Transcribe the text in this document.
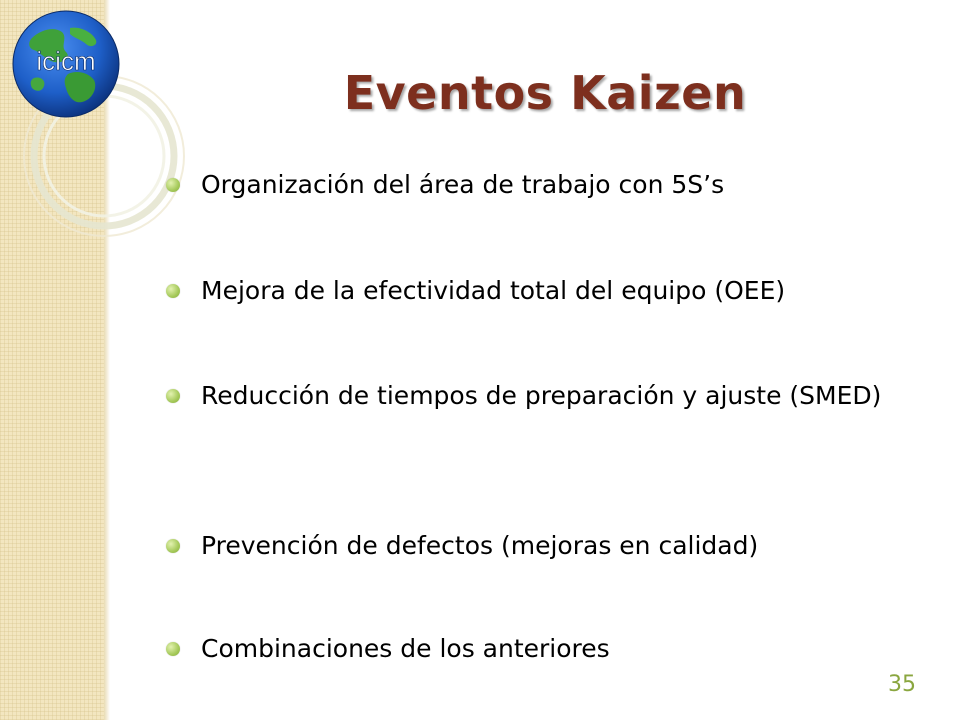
icicm
Eventos Kaizen
Organización del área de trabajo con 5S’s
Mejora de la efectividad total del equipo (OEE)
Reducción de tiempos de preparación y ajuste (SMED)
Prevención de defectos (mejoras en calidad)
Combinaciones de los anteriores
35
